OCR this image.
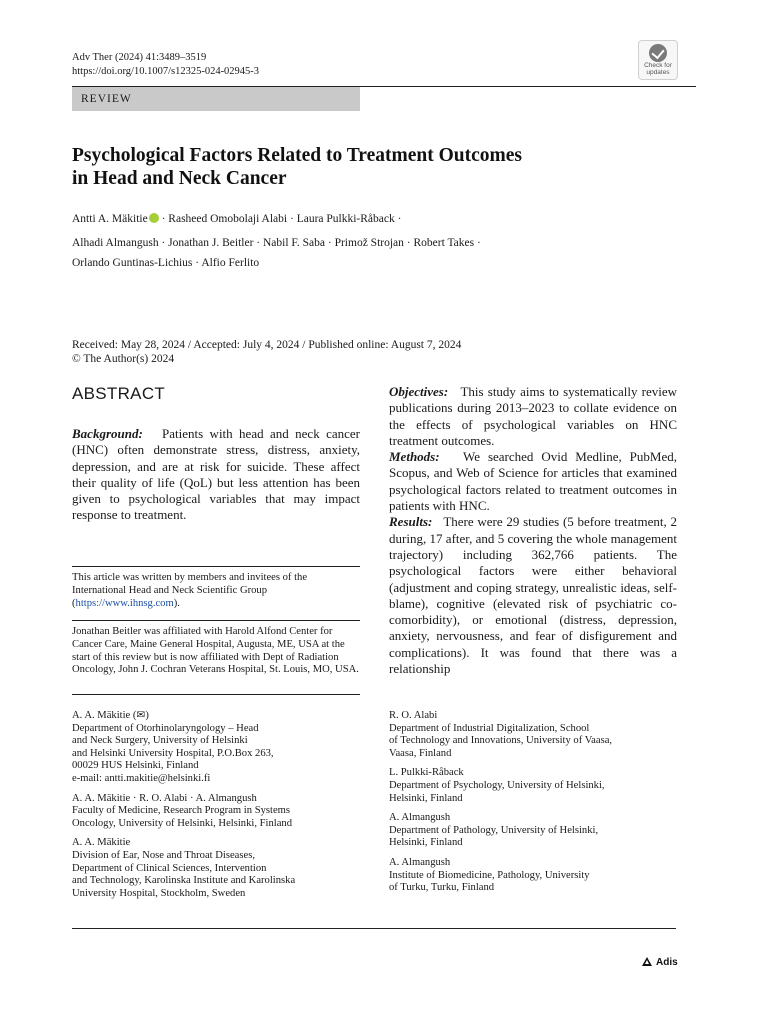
Adv Ther (2024) 41:3489–3519
https://doi.org/10.1007/s12325-024-02945-3
Check for
updates
REVIEW
Psychological Factors Related to Treatment Outcomes
in Head and Neck Cancer
Antti A. Mäkitie · Rasheed Omobolaji Alabi · Laura Pulkki-Råback ·
Alhadi Almangush · Jonathan J. Beitler · Nabil F. Saba · Primož Strojan · Robert Takes ·
Orlando Guntinas-Lichius · Alfio Ferlito
Received: May 28, 2024 / Accepted: July 4, 2024 / Published online: August 7, 2024
© The Author(s) 2024
ABSTRACT
Background: Patients with head and neck cancer (HNC) often demonstrate stress, distress, anxiety, depression, and are at risk for suicide. These affect their quality of life (QoL) but less attention has been given to psychological variables that may impact response to treatment.
Objectives: This study aims to systematically review publications during 2013–2023 to collate evidence on the effects of psychological variables on HNC treatment outcomes.
Methods: We searched Ovid Medline, PubMed, Scopus, and Web of Science for articles that examined psychological factors related to treatment outcomes in patients with HNC.
Results: There were 29 studies (5 before treatment, 2 during, 17 after, and 5 covering the whole management trajectory) including 362,766 patients. The psychological factors were either behavioral (adjustment and coping strategy, unrealistic ideas, self-blame), cognitive (elevated risk of psychiatric co-comorbidity), or emotional (distress, depression, anxiety, nervousness, and fear of disfigurement and complications). It was found that there was a relationship
This article was written by members and invitees of the International Head and Neck Scientific Group (https://www.ihnsg.com).
Jonathan Beitler was affiliated with Harold Alfond Center for Cancer Care, Maine General Hospital, Augusta, ME, USA at the start of this review but is now affiliated with Dept of Radiation Oncology, John J. Cochran Veterans Hospital, St. Louis, MO, USA.
A. A. Mäkitie (✉)
Department of Otorhinolaryngology – Head
and Neck Surgery, University of Helsinki
and Helsinki University Hospital, P.O.Box 263,
00029 HUS Helsinki, Finland
e-mail: antti.makitie@helsinki.fi
A. A. Mäkitie · R. O. Alabi · A. Almangush
Faculty of Medicine, Research Program in Systems
Oncology, University of Helsinki, Helsinki, Finland
A. A. Mäkitie
Division of Ear, Nose and Throat Diseases,
Department of Clinical Sciences, Intervention
and Technology, Karolinska Institute and Karolinska
University Hospital, Stockholm, Sweden
R. O. Alabi
Department of Industrial Digitalization, School
of Technology and Innovations, University of Vaasa,
Vaasa, Finland
L. Pulkki-Råback
Department of Psychology, University of Helsinki,
Helsinki, Finland
A. Almangush
Department of Pathology, University of Helsinki,
Helsinki, Finland
A. Almangush
Institute of Biomedicine, Pathology, University
of Turku, Turku, Finland
Adis
